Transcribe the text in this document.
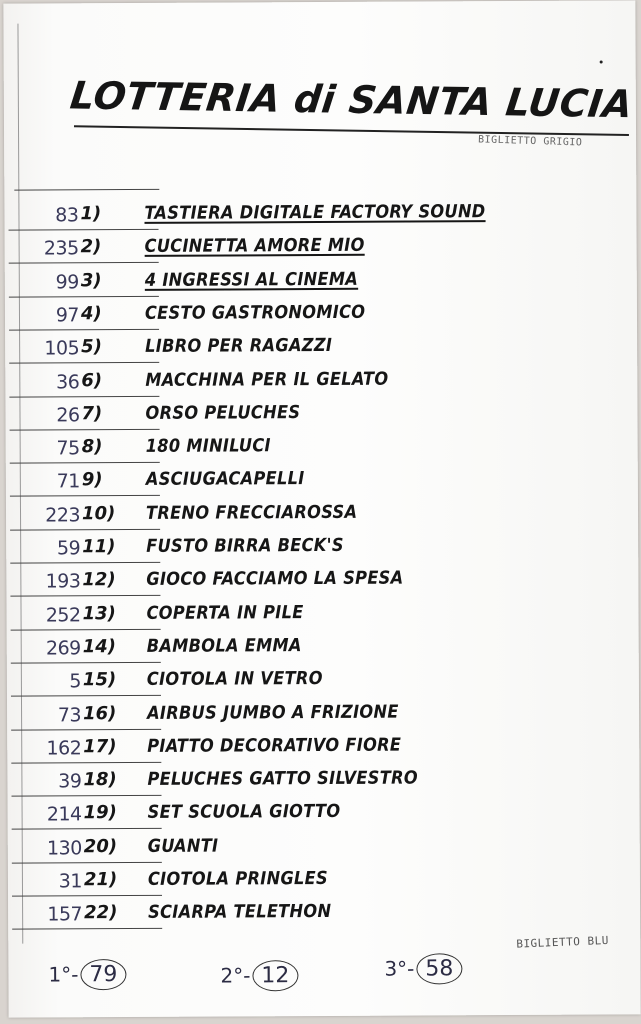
LOTTERIA di SANTA LUCIA
BIGLIETTO GRIGIO
83 1)	TASTIERA DIGITALE FACTORY SOUND
235 2)	CUCINETTA AMORE MIO
99 3)	4 INGRESSI AL CINEMA
97 4)	CESTO GASTRONOMICO
105 5)	LIBRO PER RAGAZZI
36 6)	MACCHINA PER IL GELATO
26 7)	ORSO PELUCHES
75 8)	180 MINILUCI
71 9)	ASCIUGACAPELLI
223 10)	TRENO FRECCIAROSSA
59 11)	FUSTO BIRRA BECK'S
193 12)	GIOCO FACCIAMO LA SPESA
252 13)	COPERTA IN PILE
269 14)	BAMBOLA EMMA
5 15)	CIOTOLA IN VETRO
73 16)	AIRBUS JUMBO A FRIZIONE
162 17)	PIATTO DECORATIVO FIORE
39 18)	PELUCHES GATTO SILVESTRO
214 19)	SET SCUOLA GIOTTO
130 20)	GUANTI
31 21)	CIOTOLA PRINGLES
157 22)	SCIARPA TELETHON
BIGLIETTO BLU
1°- 79	2°- 12	3°- 58
